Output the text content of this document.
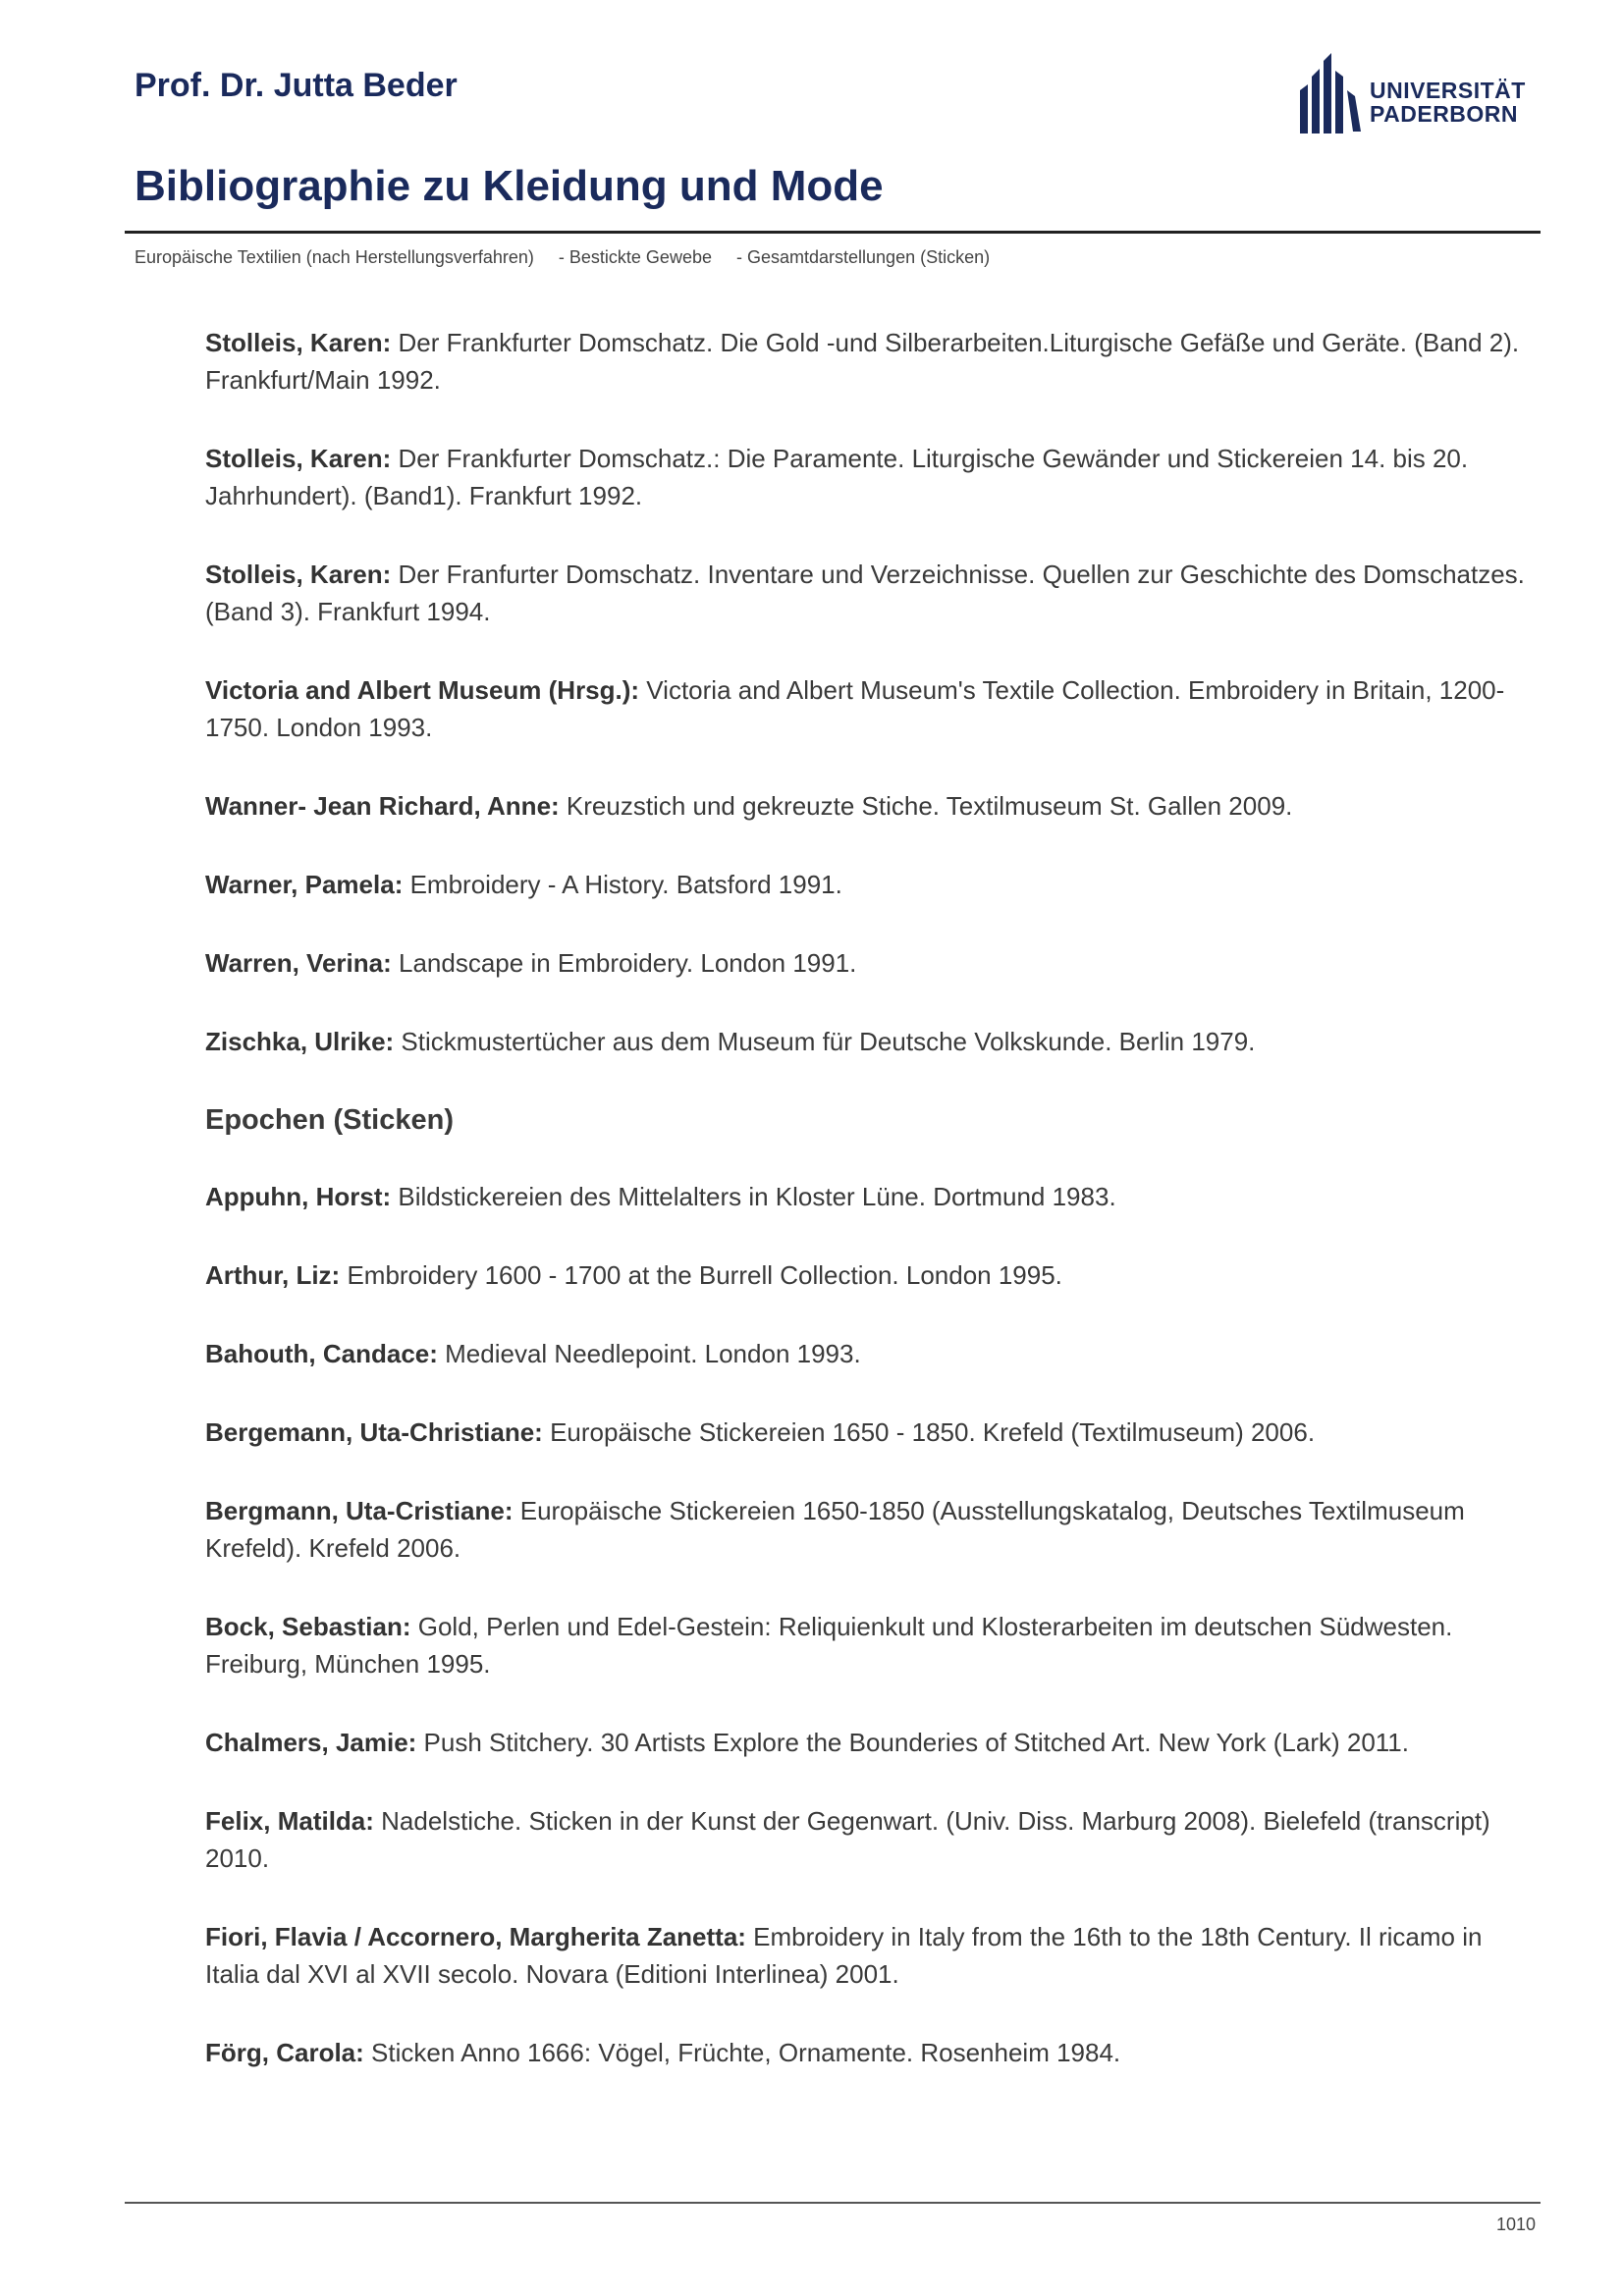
Prof. Dr. Jutta Beder	UNIVERSITÄT
PADERBORN
Bibliographie zu Kleidung und Mode
Europäische Textilien (nach Herstellungsverfahren) - Bestickte Gewebe - Gesamtdarstellungen (Sticken)

Stolleis, Karen: Der Frankfurter Domschatz. Die Gold -und Silberarbeiten.Liturgische Gefäße und Geräte. (Band 2). Frankfurt/Main 1992.

Stolleis, Karen: Der Frankfurter Domschatz.: Die Paramente. Liturgische Gewänder und Stickereien 14. bis 20. Jahrhundert). (Band1). Frankfurt 1992.

Stolleis, Karen: Der Franfurter Domschatz. Inventare und Verzeichnisse. Quellen zur Geschichte des Domschatzes. (Band 3). Frankfurt 1994.

Victoria and Albert Museum (Hrsg.): Victoria and Albert Museum's Textile Collection. Embroidery in Britain, 1200-1750. London 1993.

Wanner- Jean Richard, Anne: Kreuzstich und gekreuzte Stiche. Textilmuseum St. Gallen 2009.

Warner, Pamela: Embroidery - A History. Batsford 1991.

Warren, Verina: Landscape in Embroidery. London 1991.

Zischka, Ulrike: Stickmustertücher aus dem Museum für Deutsche Volkskunde. Berlin 1979.

Epochen (Sticken)

Appuhn, Horst: Bildstickereien des Mittelalters in Kloster Lüne. Dortmund 1983.

Arthur, Liz: Embroidery 1600 - 1700 at the Burrell Collection. London 1995.

Bahouth, Candace: Medieval Needlepoint. London 1993.

Bergemann, Uta-Christiane: Europäische Stickereien 1650 - 1850. Krefeld (Textilmuseum) 2006.

Bergmann, Uta-Cristiane: Europäische Stickereien 1650-1850 (Ausstellungskatalog, Deutsches Textilmuseum Krefeld). Krefeld 2006.

Bock, Sebastian: Gold, Perlen und Edel-Gestein: Reliquienkult und Klosterarbeiten im deutschen Südwesten. Freiburg, München 1995.

Chalmers, Jamie: Push Stitchery. 30 Artists Explore the Bounderies of Stitched Art. New York (Lark) 2011.

Felix, Matilda: Nadelstiche. Sticken in der Kunst der Gegenwart. (Univ. Diss. Marburg 2008). Bielefeld (transcript) 2010.

Fiori, Flavia / Accornero, Margherita Zanetta: Embroidery in Italy from the 16th to the 18th Century. Il ricamo in Italia dal XVI al XVII secolo. Novara (Editioni Interlinea) 2001.

Förg, Carola: Sticken Anno 1666: Vögel, Früchte, Ornamente. Rosenheim 1984.

1010
